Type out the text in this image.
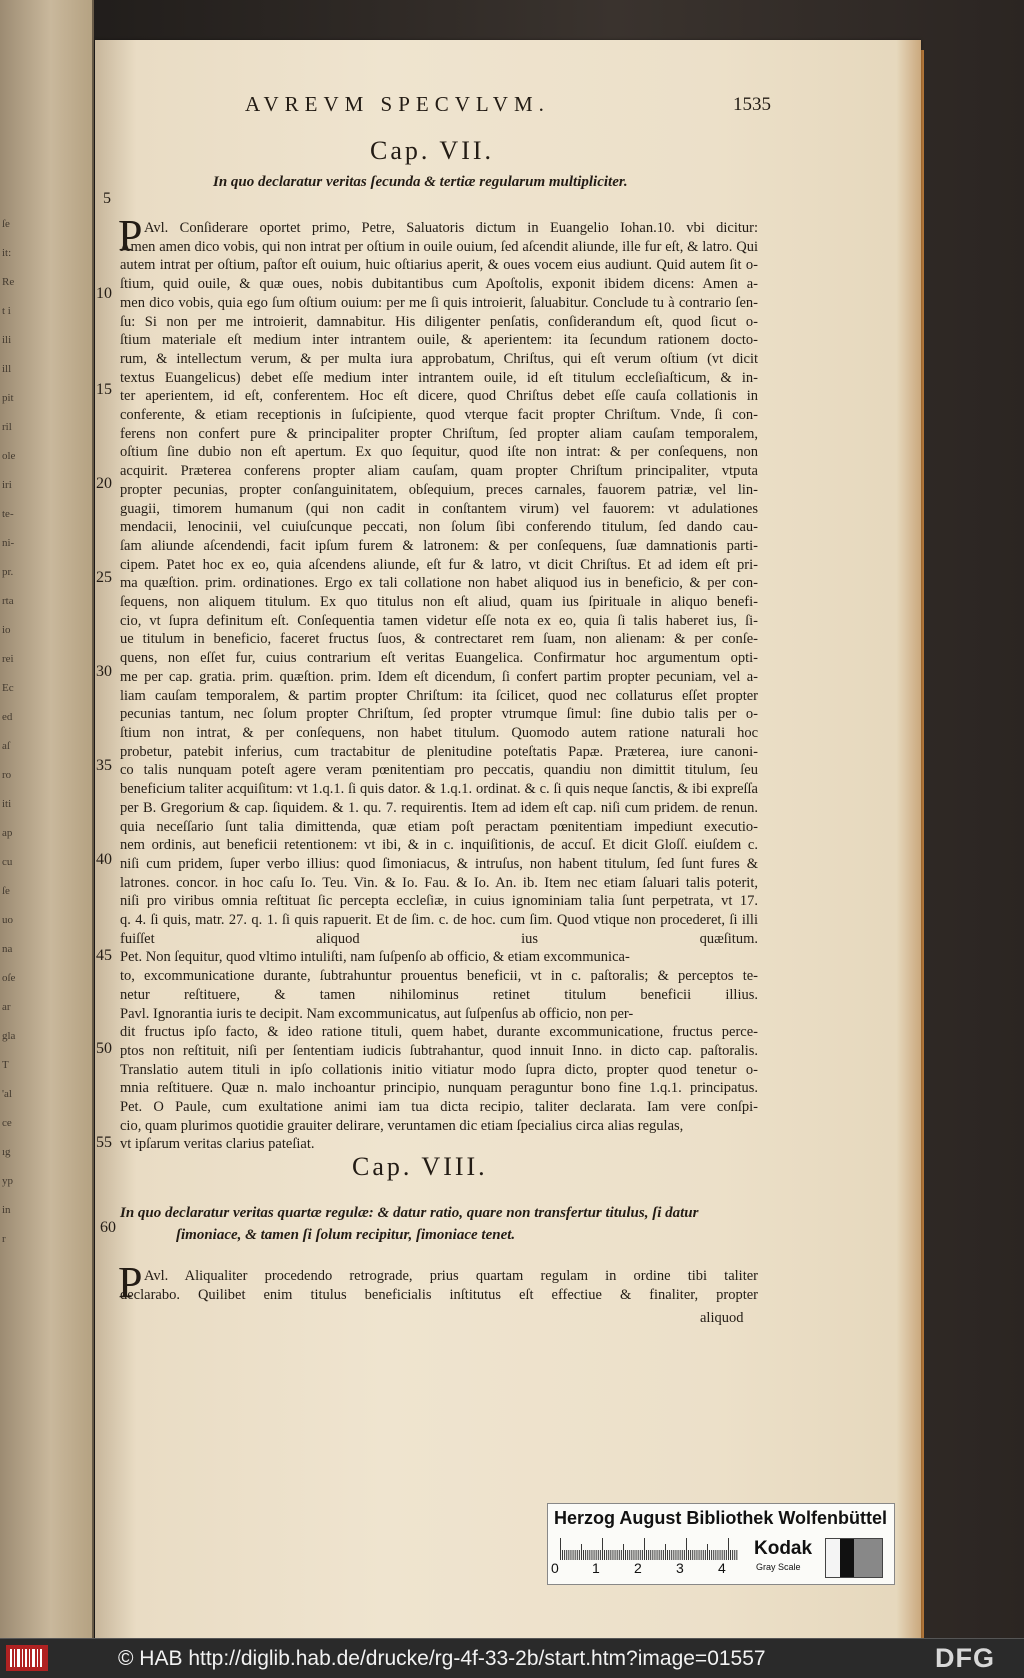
ſe
it:
Re
t i
ili
ill
pit
ril
ole
iri
te-
ni-
pr.
rta
io
rei
Ec
ed
aſ
ro
iti
ap
cu
ſe
uo
na
oſe
ar
gla
T
'al
ce
ıg
yp
in
r
AVREVM SPECVLVM.	1535
Cap. VII.
In quo declaratur veritas ſecunda & tertiæ regularum multipliciter.
5
10
15
20
25
30
35
40
45
50
55
60
P Avl. Conſiderare oportet primo, Petre, Saluatoris dictum in Euangelio Iohan.10. vbi dicitur:
Amen amen dico vobis, qui non intrat per oſtium in ouile ouium, ſed aſcendit aliunde, ille fur eſt, & latro. Qui
autem intrat per oſtium, paſtor eſt ouium, huic oſtiarius aperit, & oues vocem eius audiunt. Quid autem ſit o-
ſtium, quid ouile, & quæ oues, nobis dubitantibus cum Apoſtolis, exponit ibidem dicens: Amen a-
men dico vobis, quia ego ſum oſtium ouium: per me ſi quis introierit, ſaluabitur. Conclude tu à contrario ſen-
ſu: Si non per me introierit, damnabitur. His diligenter penſatis, conſiderandum eſt, quod ſicut o-
ſtium materiale eſt medium inter intrantem ouile, & aperientem: ita ſecundum rationem docto-
rum, & intellectum verum, & per multa iura approbatum, Chriſtus, qui eſt verum oſtium (vt dicit
textus Euangelicus) debet eſſe medium inter intrantem ouile, id eſt titulum eccleſiaſticum, & in-
ter aperientem, id eſt, conferentem. Hoc eſt dicere, quod Chriſtus debet eſſe cauſa collationis in
conferente, & etiam receptionis in ſuſcipiente, quod vterque facit propter Chriſtum. Vnde, ſi con-
ferens non confert pure & principaliter propter Chriſtum, ſed propter aliam cauſam temporalem,
oſtium ſine dubio non eſt apertum. Ex quo ſequitur, quod iſte non intrat: & per conſequens, non
acquirit. Præterea conferens propter aliam cauſam, quam propter Chriſtum principaliter, vtputa
propter pecunias, propter conſanguinitatem, obſequium, preces carnales, fauorem patriæ, vel lin-
guagii, timorem humanum (qui non cadit in conſtantem virum) vel fauorem: vt adulationes
mendacii, lenocinii, vel cuiuſcunque peccati, non ſolum ſibi conferendo titulum, ſed dando cau-
ſam aliunde aſcendendi, facit ipſum furem & latronem: & per conſequens, ſuæ damnationis parti-
cipem. Patet hoc ex eo, quia aſcendens aliunde, eſt fur & latro, vt dicit Chriſtus. Et ad idem eſt pri-
ma quæſtion. prim. ordinationes. Ergo ex tali collatione non habet aliquod ius in beneficio, & per con-
ſequens, non aliquem titulum. Ex quo titulus non eſt aliud, quam ius ſpirituale in aliquo benefi-
cio, vt ſupra definitum eſt. Conſequentia tamen videtur eſſe nota ex eo, quia ſi talis haberet ius, ſi-
ue titulum in beneficio, faceret fructus ſuos, & contrectaret rem ſuam, non alienam: & per conſe-
quens, non eſſet fur, cuius contrarium eſt veritas Euangelica. Confirmatur hoc argumentum opti-
me per cap. gratia. prim. quæſtion. prim. Idem eſt dicendum, ſi confert partim propter pecuniam, vel a-
liam cauſam temporalem, & partim propter Chriſtum: ita ſcilicet, quod nec collaturus eſſet propter
pecunias tantum, nec ſolum propter Chriſtum, ſed propter vtrumque ſimul: ſine dubio talis per o-
ſtium non intrat, & per conſequens, non habet titulum. Quomodo autem ratione naturali hoc
probetur, patebit inferius, cum tractabitur de plenitudine poteſtatis Papæ. Præterea, iure canoni-
co talis nunquam poteſt agere veram pœnitentiam pro peccatis, quandiu non dimittit titulum, ſeu
beneficium taliter acquiſitum: vt 1.q.1. ſi quis dator. & 1.q.1. ordinat. & c. ſi quis neque ſanctis, & ibi expreſſa
per B. Gregorium & cap. ſiquidem. & 1. qu. 7. requirentis. Item ad idem eſt cap. niſi cum pridem. de renun.
quia neceſſario ſunt talia dimittenda, quæ etiam poſt peractam pœnitentiam impediunt executio-
nem ordinis, aut beneficii retentionem: vt ibi, & in c. inquiſitionis, de accuſ. Et dicit Gloſſ. eiuſdem c.
niſi cum pridem, ſuper verbo illius: quod ſimoniacus, & intruſus, non habent titulum, ſed ſunt fures &
latrones. concor. in hoc caſu Io. Teu. Vin. & Io. Fau. & Io. An. ib. Item nec etiam ſaluari talis poterit,
niſi pro viribus omnia reſtituat ſic percepta eccleſiæ, in cuius ignominiam talia ſunt perpetrata, vt 17.
q. 4. ſi quis, matr. 27. q. 1. ſi quis rapuerit. Et de ſim. c. de hoc. cum ſim. Quod vtique non procederet, ſi illi
fuiſſet aliquod ius quæſitum.
Pet. Non ſequitur, quod vltimo intuliſti, nam ſuſpenſo ab officio, & etiam excommunica-
to, excommunicatione durante, ſubtrahuntur prouentus beneficii, vt in c. paſtoralis; & perceptos te-
netur reſtituere, & tamen nihilominus retinet titulum beneficii illius.
Pavl. Ignorantia iuris te decipit. Nam excommunicatus, aut ſuſpenſus ab officio, non per-
dit fructus ipſo facto, & ideo ratione tituli, quem habet, durante excommunicatione, fructus perce-
ptos non reſtituit, niſi per ſententiam iudicis ſubtrahantur, quod innuit Inno. in dicto cap. paſtoralis.
Translatio autem tituli in ipſo collationis initio vitiatur modo ſupra dicto, propter quod tenetur o-
mnia reſtituere. Quæ n. malo inchoantur principio, nunquam peraguntur bono fine 1.q.1. principatus.
Pet. O Paule, cum exultatione animi iam tua dicta recipio, taliter declarata. Iam vere conſpi-
cio, quam plurimos quotidie grauiter delirare, veruntamen dic etiam ſpecialius circa alias regulas,
vt ipſarum veritas clarius pateſiat.
Cap. VIII.
In quo declaratur veritas quartæ regulæ: & datur ratio, quare non transfertur titulus, ſi datur
ſimoniace, & tamen ſi ſolum recipitur, ſimoniace tenet.
P Avl. Aliqualiter procedendo retrograde, prius quartam regulam in ordine tibi taliter
declarabo. Quilibet enim titulus beneficialis inſtitutus eſt effectiue & finaliter, propter
aliquod
Herzog August Bibliothek Wolfenbüttel
0 1 2 3 4
Kodak
Gray Scale
© HAB http://diglib.hab.de/drucke/rg-4f-33-2b/start.htm?image=01557	DFG
